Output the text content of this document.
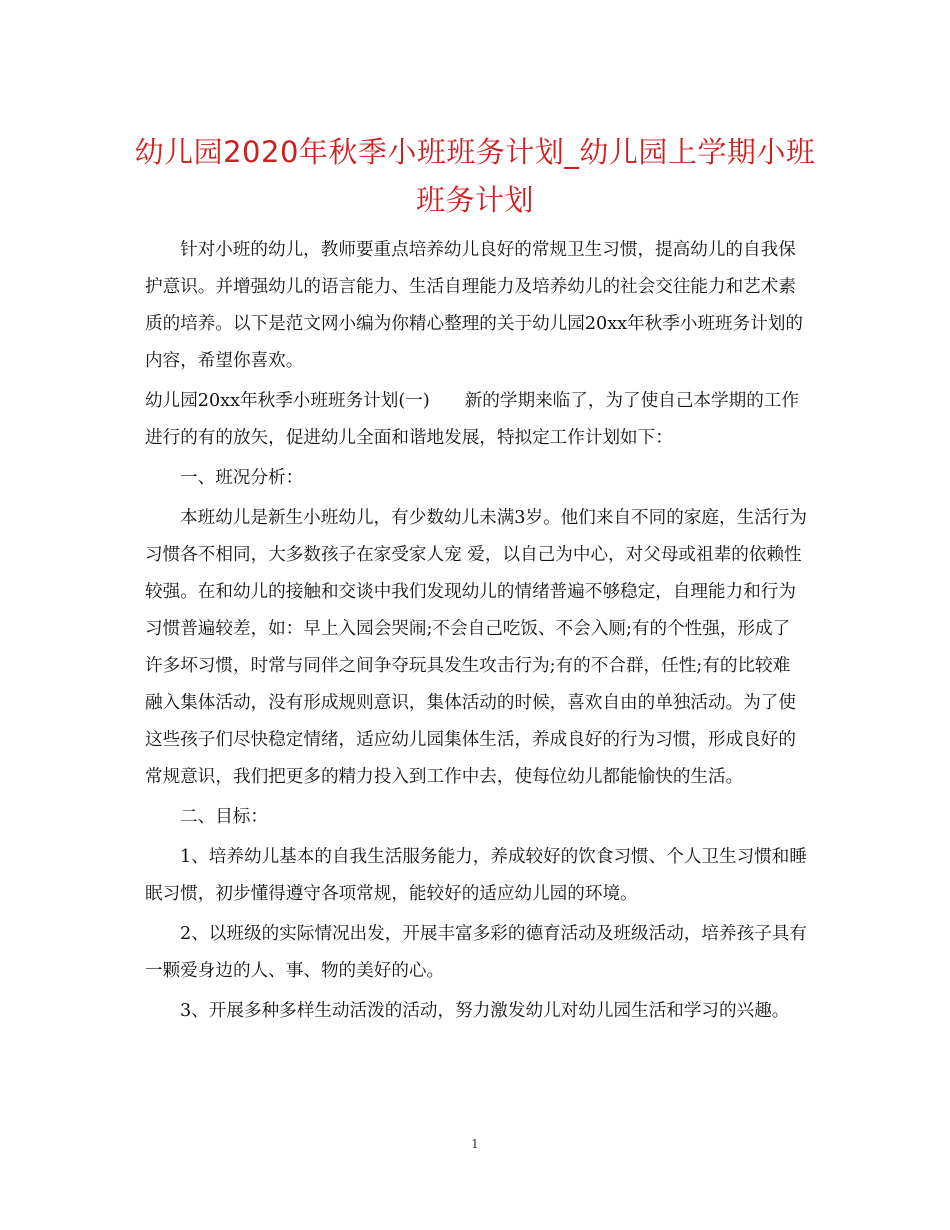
幼儿园2020年秋季小班班务计划_幼儿园上学期小班班务计划

针对小班的幼儿，教师要重点培养幼儿良好的常规卫生习惯，提高幼儿的自我保护意识。并增强幼儿的语言能力、生活自理能力及培养幼儿的社会交往能力和艺术素质的培养。以下是范文网小编为你精心整理的关于幼儿园20xx年秋季小班班务计划的内容，希望你喜欢。

幼儿园20xx年秋季小班班务计划(一) 新的学期来临了，为了使自己本学期的工作进行的有的放矢，促进幼儿全面和谐地发展，特拟定工作计划如下：

一、班况分析：

本班幼儿是新生小班幼儿，有少数幼儿未满3岁。他们来自不同的家庭，生活行为习惯各不相同，大多数孩子在家受家人宠 爱，以自己为中心，对父母或祖辈的依赖性较强。在和幼儿的接触和交谈中我们发现幼儿的情绪普遍不够稳定，自理能力和行为习惯普遍较差，如：早上入园会哭闹;不会自己吃饭、不会入厕;有的个性强，形成了许多坏习惯，时常与同伴之间争夺玩具发生攻击行为;有的不合群，任性;有的比较难融入集体活动，没有形成规则意识，集体活动的时候，喜欢自由的单独活动。为了使这些孩子们尽快稳定情绪，适应幼儿园集体生活，养成良好的行为习惯，形成良好的常规意识，我们把更多的精力投入到工作中去，使每位幼儿都能愉快的生活。

二、目标：

1、培养幼儿基本的自我生活服务能力，养成较好的饮食习惯、个人卫生习惯和睡眠习惯，初步懂得遵守各项常规，能较好的适应幼儿园的环境。

2、以班级的实际情况出发，开展丰富多彩的德育活动及班级活动，培养孩子具有一颗爱身边的人、事、物的美好的心。

3、开展多种多样生动活泼的活动，努力激发幼儿对幼儿园生活和学习的兴趣。

1
